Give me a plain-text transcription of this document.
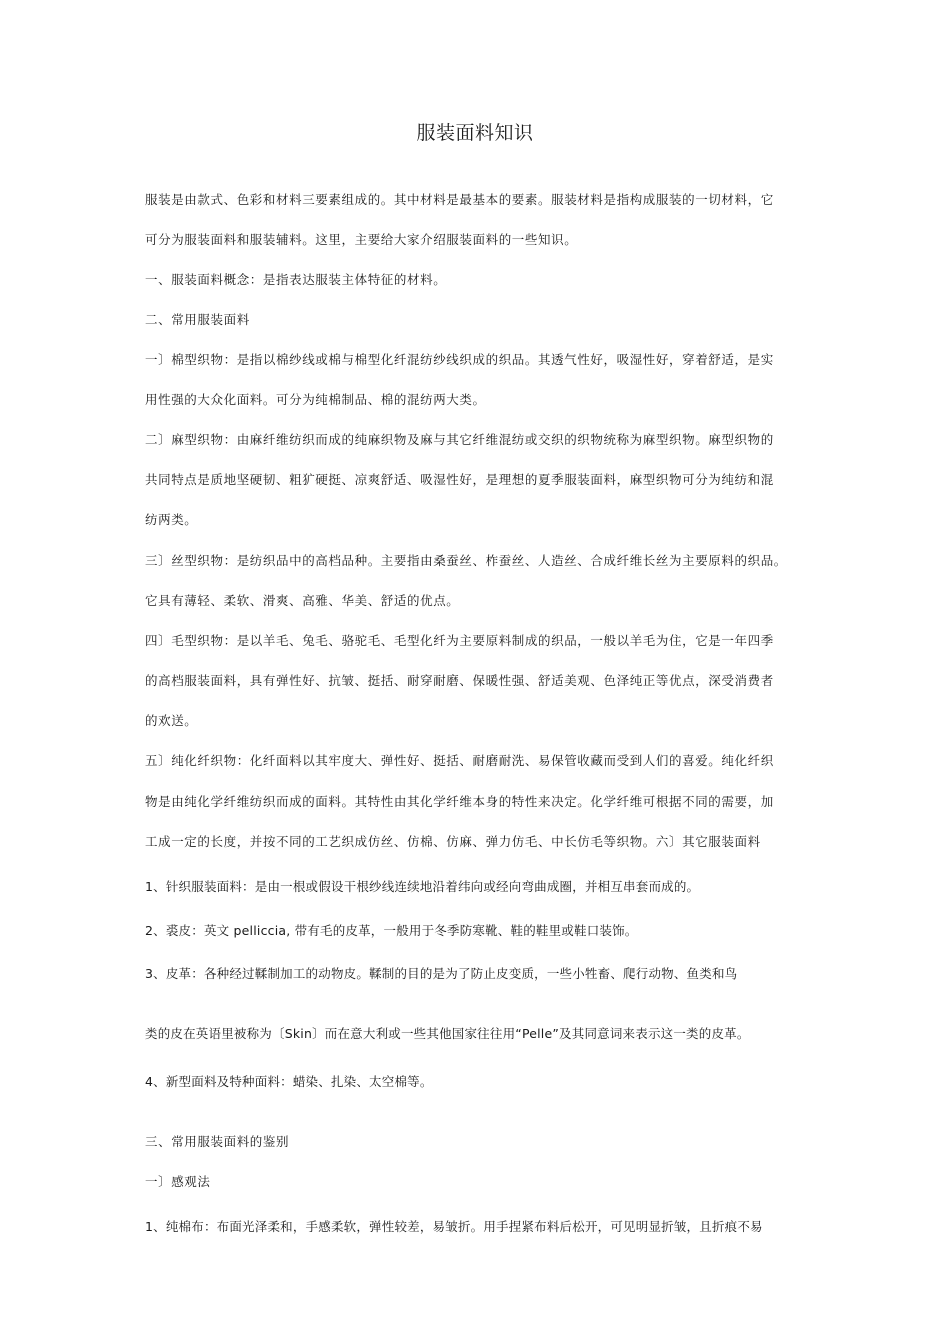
服装面料知识
服装是由款式、色彩和材料三要素组成的。其中材料是最基本的要素。服装材料是指构成服装的一切材料，它
可分为服装面料和服装辅料。这里，主要给大家介绍服装面料的一些知识。
一、服装面料概念：是指表达服装主体特征的材料。
二、常用服装面料
一〕棉型织物：是指以棉纱线或棉与棉型化纤混纺纱线织成的织品。其透气性好，吸湿性好，穿着舒适，是实
用性强的大众化面料。可分为纯棉制品、棉的混纺两大类。
二〕麻型织物：由麻纤维纺织而成的纯麻织物及麻与其它纤维混纺或交织的织物统称为麻型织物。麻型织物的
共同特点是质地坚硬韧、粗犷硬挺、凉爽舒适、吸湿性好，是理想的夏季服装面料，麻型织物可分为纯纺和混
纺两类。
三〕丝型织物：是纺织品中的高档品种。主要指由桑蚕丝、柞蚕丝、人造丝、合成纤维长丝为主要原料的织品。
它具有薄轻、柔软、滑爽、高雅、华美、舒适的优点。
四〕毛型织物：是以羊毛、兔毛、骆驼毛、毛型化纤为主要原料制成的织品，一般以羊毛为住，它是一年四季
的高档服装面料，具有弹性好、抗皱、挺括、耐穿耐磨、保暖性强、舒适美观、色泽纯正等优点，深受消费者
的欢送。
五〕纯化纤织物：化纤面料以其牢度大、弹性好、挺括、耐磨耐洗、易保管收藏而受到人们的喜爱。纯化纤织
物是由纯化学纤维纺织而成的面料。其特性由其化学纤维本身的特性来决定。化学纤维可根据不同的需要，加
工成一定的长度，并按不同的工艺织成仿丝、仿棉、仿麻、弹力仿毛、中长仿毛等织物。六〕其它服装面料
1、针织服装面料：是由一根或假设干根纱线连续地沿着纬向或经向弯曲成圈，并相互串套而成的。
2、裘皮：英文 pelliccia, 带有毛的皮革，一般用于冬季防寒靴、鞋的鞋里或鞋口装饰。
3、皮革：各种经过鞣制加工的动物皮。鞣制的目的是为了防止皮变质，一些小牲畜、爬行动物、鱼类和鸟
类的皮在英语里被称为〔Skin〕而在意大利或一些其他国家往往用“Pelle”及其同意词来表示这一类的皮革。
4、新型面料及特种面料：蜡染、扎染、太空棉等。
三、常用服装面料的鉴别
一〕感观法
1、纯棉布：布面光泽柔和，手感柔软，弹性较差，易皱折。用手捏紧布料后松开，可见明显折皱，且折痕不易
